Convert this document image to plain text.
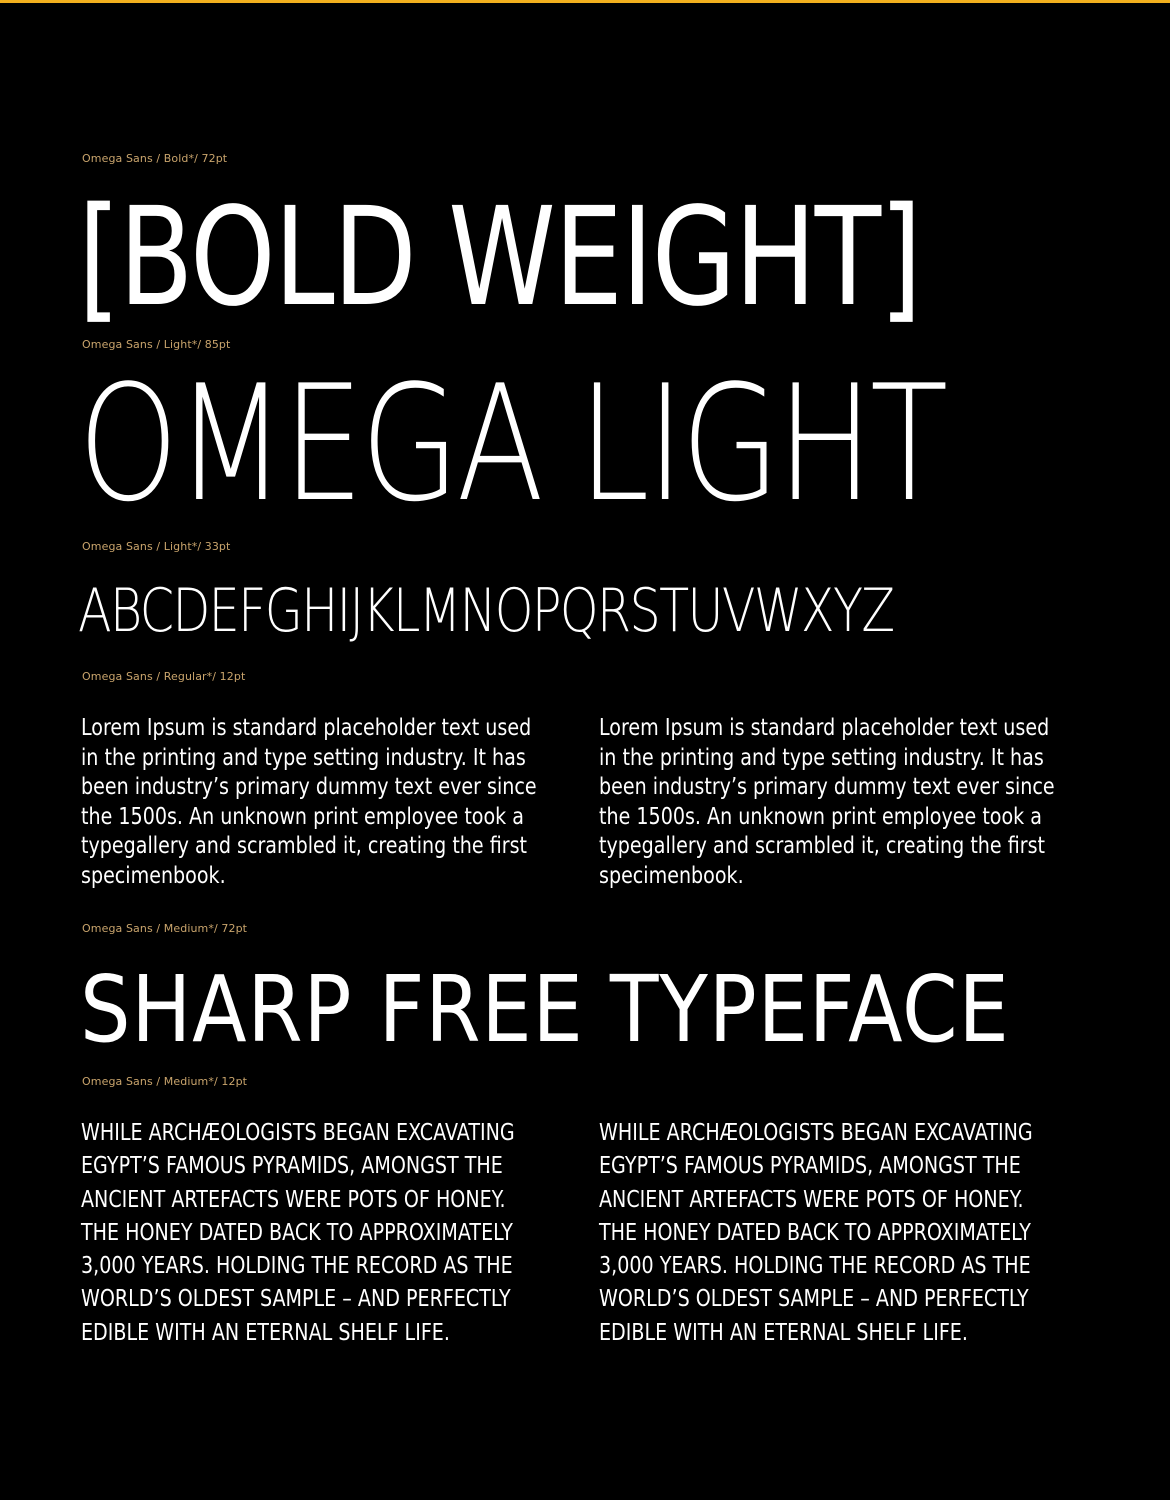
Omega Sans / Bold*/ 72pt
[BOLD WEIGHT]
Omega Sans / Light*/ 85pt
OMEGA LIGHT
Omega Sans / Light*/ 33pt
ABCDEFGHIJKLMNOPQRSTUVWXYZ
Omega Sans / Regular*/ 12pt
Lorem Ipsum is standard placeholder text used
in the printing and type setting industry. It has
been industry’s primary dummy text ever since
the 1500s. An unknown print employee took a
typegallery and scrambled it, creating the first
specimenbook.
Lorem Ipsum is standard placeholder text used
in the printing and type setting industry. It has
been industry’s primary dummy text ever since
the 1500s. An unknown print employee took a
typegallery and scrambled it, creating the first
specimenbook.
Omega Sans / Medium*/ 72pt
SHARP FREE TYPEFACE
Omega Sans / Medium*/ 12pt
WHILE ARCHÆOLOGISTS BEGAN EXCAVATING
EGYPT’S FAMOUS PYRAMIDS, AMONGST THE
ANCIENT ARTEFACTS WERE POTS OF HONEY.
THE HONEY DATED BACK TO APPROXIMATELY
3,000 YEARS. HOLDING THE RECORD AS THE
WORLD’S OLDEST SAMPLE – AND PERFECTLY
EDIBLE WITH AN ETERNAL SHELF LIFE.
WHILE ARCHÆOLOGISTS BEGAN EXCAVATING
EGYPT’S FAMOUS PYRAMIDS, AMONGST THE
ANCIENT ARTEFACTS WERE POTS OF HONEY.
THE HONEY DATED BACK TO APPROXIMATELY
3,000 YEARS. HOLDING THE RECORD AS THE
WORLD’S OLDEST SAMPLE – AND PERFECTLY
EDIBLE WITH AN ETERNAL SHELF LIFE.
